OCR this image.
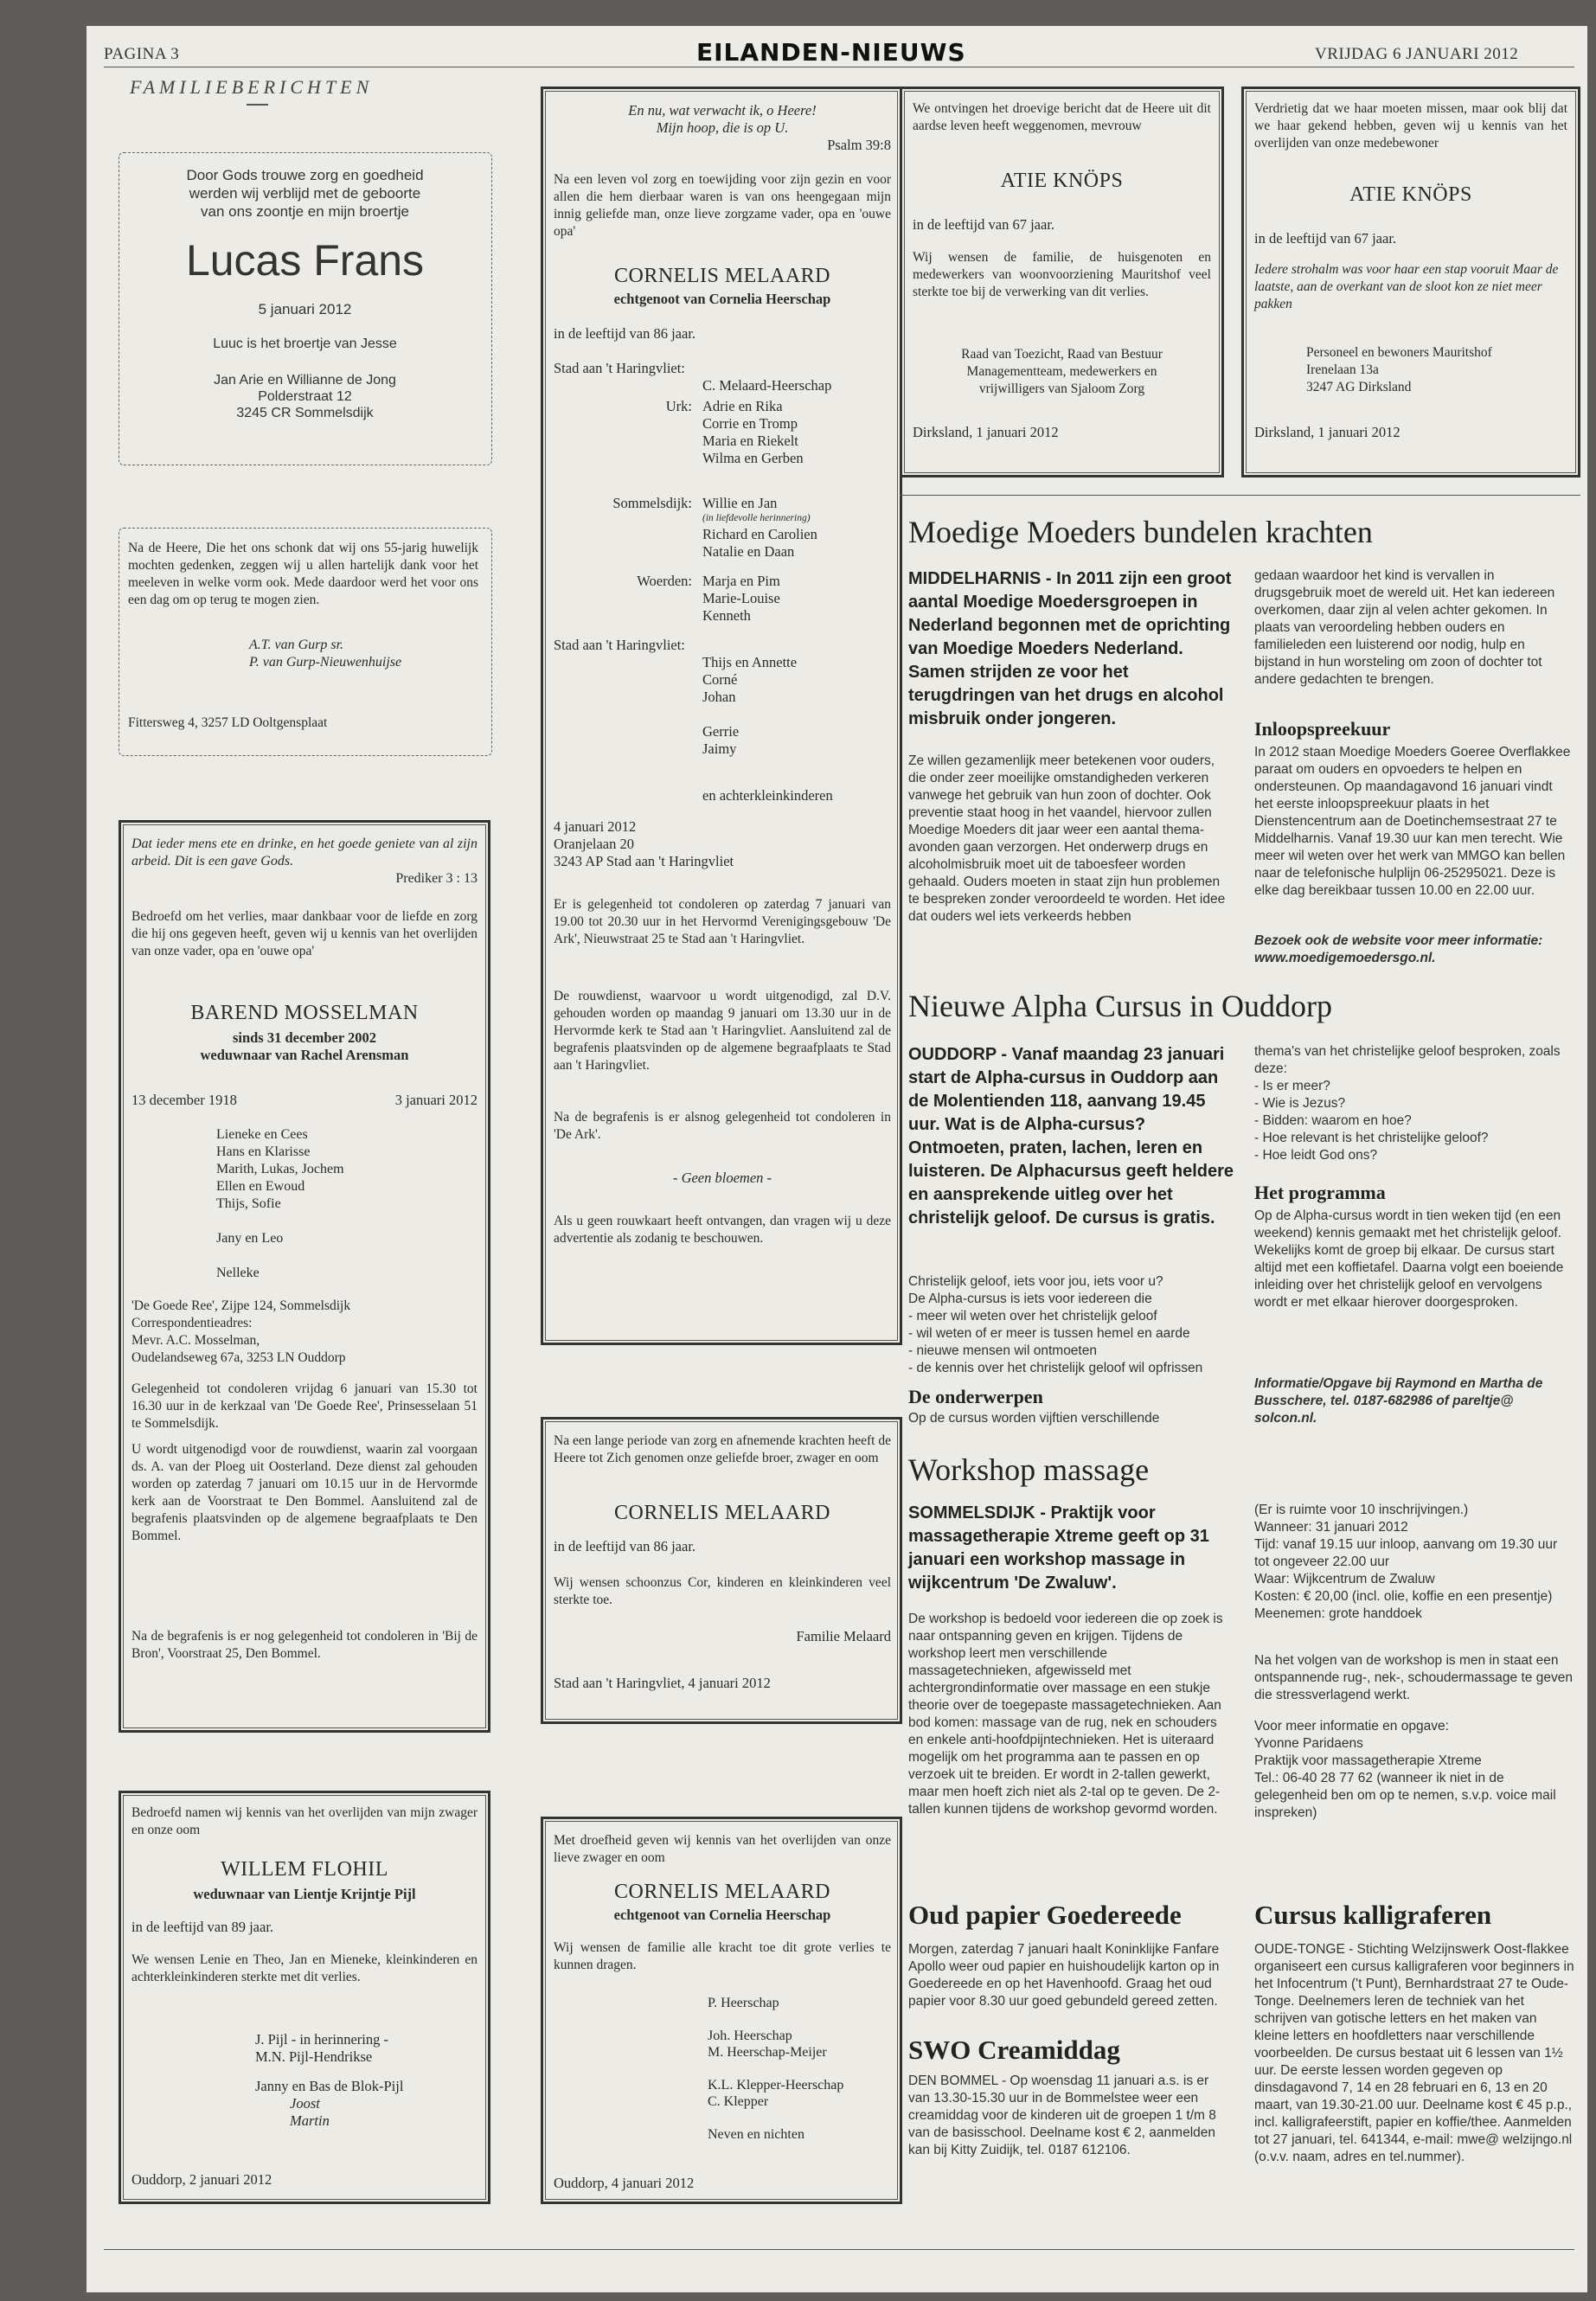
PAGINA 3	EILANDEN-NIEUWS	VRIJDAG 6 JANUARI 2012
FAMILIEBERICHTEN
Door Gods trouwe zorg en goedheid
werden wij verblijd met de geboorte
van ons zoontje en mijn broertje
Lucas Frans
5 januari 2012
Luuc is het broertje van Jesse
Jan Arie en Willianne de Jong
Polderstraat 12
3245 CR Sommelsdijk
Na de Heere, Die het ons schonk dat wij ons 55-jarig huwelijk mochten gedenken, zeggen wij u allen hartelijk dank voor het meeleven in welke vorm ook. Mede daardoor werd het voor ons een dag om op terug te mogen zien.
A.T. van Gurp sr.
P. van Gurp-Nieuwenhuijse
Fittersweg 4, 3257 LD Ooltgensplaat
Dat ieder mens ete en drinke, en het goede geniete van al zijn arbeid. Dit is een gave Gods.
Prediker 3 : 13
Bedroefd om het verlies, maar dankbaar voor de liefde en zorg die hij ons gegeven heeft, geven wij u kennis van het overlijden van onze vader, opa en 'ouwe opa'
BAREND MOSSELMAN
sinds 31 december 2002
weduwnaar van Rachel Arensman
13 december 1918	3 januari 2012
Lieneke en Cees
Hans en Klarisse
Marith, Lukas, Jochem
Ellen en Ewoud
Thijs, Sofie

Jany en Leo

Nelleke
'De Goede Ree', Zijpe 124, Sommelsdijk
Correspondentieadres:
Mevr. A.C. Mosselman,
Oudelandseweg 67a, 3253 LN Ouddorp
Gelegenheid tot condoleren vrijdag 6 januari van 15.30 tot 16.30 uur in de kerkzaal van 'De Goede Ree', Prinsesselaan 51 te Sommelsdijk.
U wordt uitgenodigd voor de rouwdienst, waarin zal voorgaan ds. A. van der Ploeg uit Oosterland. Deze dienst zal gehouden worden op zaterdag 7 januari om 10.15 uur in de Hervormde kerk aan de Voorstraat te Den Bommel. Aansluitend zal de begrafenis plaatsvinden op de algemene begraafplaats te Den Bommel.
Na de begrafenis is er nog gelegenheid tot condoleren in 'Bij de Bron', Voorstraat 25, Den Bommel.
Bedroefd namen wij kennis van het overlijden van mijn zwager en onze oom
WILLEM FLOHIL
weduwnaar van Lientje Krijntje Pijl
in de leeftijd van 89 jaar.
We wensen Lenie en Theo, Jan en Mieneke, kleinkinderen en achterkleinkinderen sterkte met dit verlies.
J. Pijl - in herinnering -
M.N. Pijl-Hendrikse
Janny en Bas de Blok-Pijl
Joost
Martin
Ouddorp, 2 januari 2012
En nu, wat verwacht ik, o Heere!
Mijn hoop, die is op U.
Psalm 39:8
Na een leven vol zorg en toewijding voor zijn gezin en voor allen die hem dierbaar waren is van ons heengegaan mijn innig geliefde man, onze lieve zorgzame vader, opa en 'ouwe opa'
CORNELIS MELAARD
echtgenoot van Cornelia Heerschap
in de leeftijd van 86 jaar.
Stad aan 't Haringvliet:
C. Melaard-Heerschap
Urk: Adrie en Rika
Corrie en Tromp
Maria en Riekelt
Wilma en Gerben
Sommelsdijk: Willie en Jan
(in liefdevolle herinnering)
Richard en Carolien
Natalie en Daan
Woerden: Marja en Pim
Marie-Louise
Kenneth
Stad aan 't Haringvliet:
Thijs en Annette
Corné
Johan

Gerrie
Jaimy
en achterkleinkinderen
4 januari 2012
Oranjelaan 20
3243 AP Stad aan 't Haringvliet
Er is gelegenheid tot condoleren op zaterdag 7 januari van 19.00 tot 20.30 uur in het Hervormd Verenigingsgebouw 'De Ark', Nieuwstraat 25 te Stad aan 't Haringvliet.
De rouwdienst, waarvoor u wordt uitgenodigd, zal D.V. gehouden worden op maandag 9 januari om 13.30 uur in de Hervormde kerk te Stad aan 't Haringvliet. Aansluitend zal de begrafenis plaatsvinden op de algemene begraafplaats te Stad aan 't Haringvliet.
Na de begrafenis is er alsnog gelegenheid tot condoleren in 'De Ark'.
- Geen bloemen -
Als u geen rouwkaart heeft ontvangen, dan vragen wij u deze advertentie als zodanig te beschouwen.
Na een lange periode van zorg en afnemende krachten heeft de Heere tot Zich genomen onze geliefde broer, zwager en oom
CORNELIS MELAARD
in de leeftijd van 86 jaar.
Wij wensen schoonzus Cor, kinderen en kleinkinderen veel sterkte toe.
Familie Melaard
Stad aan 't Haringvliet, 4 januari 2012
Met droefheid geven wij kennis van het overlijden van onze lieve zwager en oom
CORNELIS MELAARD
echtgenoot van Cornelia Heerschap
Wij wensen de familie alle kracht toe dit grote verlies te kunnen dragen.
P. Heerschap

Joh. Heerschap
M. Heerschap-Meijer

K.L. Klepper-Heerschap
C. Klepper

Neven en nichten
Ouddorp, 4 januari 2012
We ontvingen het droevige bericht dat de Heere uit dit aardse leven heeft weggenomen, mevrouw
ATIE KNÖPS
in de leeftijd van 67 jaar.
Wij wensen de familie, de huisgenoten en medewerkers van woonvoorziening Mauritshof veel sterkte toe bij de verwerking van dit verlies.
Raad van Toezicht, Raad van Bestuur
Managementteam, medewerkers en
vrijwilligers van Sjaloom Zorg
Dirksland, 1 januari 2012
Verdrietig dat we haar moeten missen, maar ook blij dat we haar gekend hebben, geven wij u kennis van het overlijden van onze medebewoner
ATIE KNÖPS
in de leeftijd van 67 jaar.
Iedere strohalm was voor haar een stap vooruit Maar de laatste, aan de overkant van de sloot kon ze niet meer pakken
Personeel en bewoners Mauritshof
Irenelaan 13a
3247 AG Dirksland
Dirksland, 1 januari 2012
Moedige Moeders bundelen krachten
MIDDELHARNIS - In 2011 zijn een groot aantal Moedige Moedersgroepen in Nederland begonnen met de oprichting van Moedige Moeders Nederland. Samen strijden ze voor het terugdringen van het drugs en alcohol misbruik onder jongeren.
Ze willen gezamenlijk meer betekenen voor ouders, die onder zeer moeilijke omstandigheden verkeren vanwege het gebruik van hun zoon of dochter. Ook preventie staat hoog in het vaandel, hiervoor zullen Moedige Moeders dit jaar weer een aantal thema-avonden gaan verzorgen. Het onderwerp drugs en alcoholmisbruik moet uit de taboesfeer worden gehaald. Ouders moeten in staat zijn hun problemen te bespreken zonder veroordeeld te worden. Het idee dat ouders wel iets verkeerds hebben
gedaan waardoor het kind is vervallen in drugsgebruik moet de wereld uit. Het kan iedereen overkomen, daar zijn al velen achter gekomen. In plaats van veroordeling hebben ouders en familieleden een luisterend oor nodig, hulp en bijstand in hun worsteling om zoon of dochter tot andere gedachten te brengen.
Inloopspreekuur
In 2012 staan Moedige Moeders Goeree Overflakkee paraat om ouders en opvoeders te helpen en ondersteunen. Op maandagavond 16 januari vindt het eerste inloopspreekuur plaats in het Dienstencentrum aan de Doetinchemsestraat 27 te Middelharnis. Vanaf 19.30 uur kan men terecht. Wie meer wil weten over het werk van MMGO kan bellen naar de telefonische hulplijn 06-25295021. Deze is elke dag bereikbaar tussen 10.00 en 22.00 uur.
Bezoek ook de website voor meer informatie: www.moedigemoedersgo.nl.
Nieuwe Alpha Cursus in Ouddorp
OUDDORP - Vanaf maandag 23 januari start de Alpha-cursus in Ouddorp aan de Molentienden 118, aanvang 19.45 uur. Wat is de Alpha-cursus? Ontmoeten, praten, lachen, leren en luisteren. De Alphacursus geeft heldere en aansprekende uitleg over het christelijk geloof. De cursus is gratis.
Christelijk geloof, iets voor jou, iets voor u?
De Alpha-cursus is iets voor iedereen die
- meer wil weten over het christelijk geloof
- wil weten of er meer is tussen hemel en aarde
- nieuwe mensen wil ontmoeten
- de kennis over het christelijk geloof wil opfrissen
De onderwerpen
Op de cursus worden vijftien verschillende
thema's van het christelijke geloof besproken, zoals deze:
- Is er meer?
- Wie is Jezus?
- Bidden: waarom en hoe?
- Hoe relevant is het christelijke geloof?
- Hoe leidt God ons?
Het programma
Op de Alpha-cursus wordt in tien weken tijd (en een weekend) kennis gemaakt met het christelijk geloof. Wekelijks komt de groep bij elkaar. De cursus start altijd met een koffietafel. Daarna volgt een boeiende inleiding over het christelijk geloof en vervolgens wordt er met elkaar hierover doorgesproken.
Informatie/Opgave bij Raymond en Martha de Busschere, tel. 0187-682986 of pareltje@ solcon.nl.
Workshop massage
SOMMELSDIJK - Praktijk voor massagetherapie Xtreme geeft op 31 januari een workshop massage in wijkcentrum 'De Zwaluw'.
De workshop is bedoeld voor iedereen die op zoek is naar ontspanning geven en krijgen. Tijdens de workshop leert men verschillende massagetechnieken, afgewisseld met achtergrondinformatie over massage en een stukje theorie over de toegepaste massagetechnieken. Aan bod komen: massage van de rug, nek en schouders en enkele anti-hoofdpijntechnieken. Het is uiteraard mogelijk om het programma aan te passen en op verzoek uit te breiden. Er wordt in 2-tallen gewerkt, maar men hoeft zich niet als 2-tal op te geven. De 2-tallen kunnen tijdens de workshop gevormd worden.
(Er is ruimte voor 10 inschrijvingen.)
Wanneer: 31 januari 2012
Tijd: vanaf 19.15 uur inloop, aanvang om 19.30 uur tot ongeveer 22.00 uur
Waar: Wijkcentrum de Zwaluw
Kosten: € 20,00 (incl. olie, koffie en een presentje)
Meenemen: grote handdoek
Na het volgen van de workshop is men in staat een ontspannende rug-, nek-, schoudermassage te geven die stressverlagend werkt.
Voor meer informatie en opgave:
Yvonne Paridaens
Praktijk voor massagetherapie Xtreme
Tel.: 06-40 28 77 62 (wanneer ik niet in de gelegenheid ben om op te nemen, s.v.p. voice mail inspreken)
Oud papier Goedereede
Morgen, zaterdag 7 januari haalt Koninklijke Fanfare Apollo weer oud papier en huishoudelijk karton op in Goedereede en op het Havenhoofd. Graag het oud papier voor 8.30 uur goed gebundeld gereed zetten.
SWO Creamiddag
DEN BOMMEL - Op woensdag 11 januari a.s. is er van 13.30-15.30 uur in de Bommelstee weer een creamiddag voor de kinderen uit de groepen 1 t/m 8 van de basisschool. Deelname kost € 2, aanmelden kan bij Kitty Zuidijk, tel. 0187 612106.
Cursus kalligraferen
OUDE-TONGE - Stichting Welzijnswerk Oost-flakkee organiseert een cursus kalligraferen voor beginners in het Infocentrum ('t Punt), Bernhardstraat 27 te Oude-Tonge. Deelnemers leren de techniek van het schrijven van gotische letters en het maken van kleine letters en hoofdletters naar verschillende voorbeelden. De cursus bestaat uit 6 lessen van 1½ uur. De eerste lessen worden gegeven op dinsdagavond 7, 14 en 28 februari en 6, 13 en 20 maart, van 19.30-21.00 uur. Deelname kost € 45 p.p., incl. kalligrafeerstift, papier en koffie/thee. Aanmelden tot 27 januari, tel. 641344, e-mail: mwe@ welzijngo.nl (o.v.v. naam, adres en tel.nummer).
